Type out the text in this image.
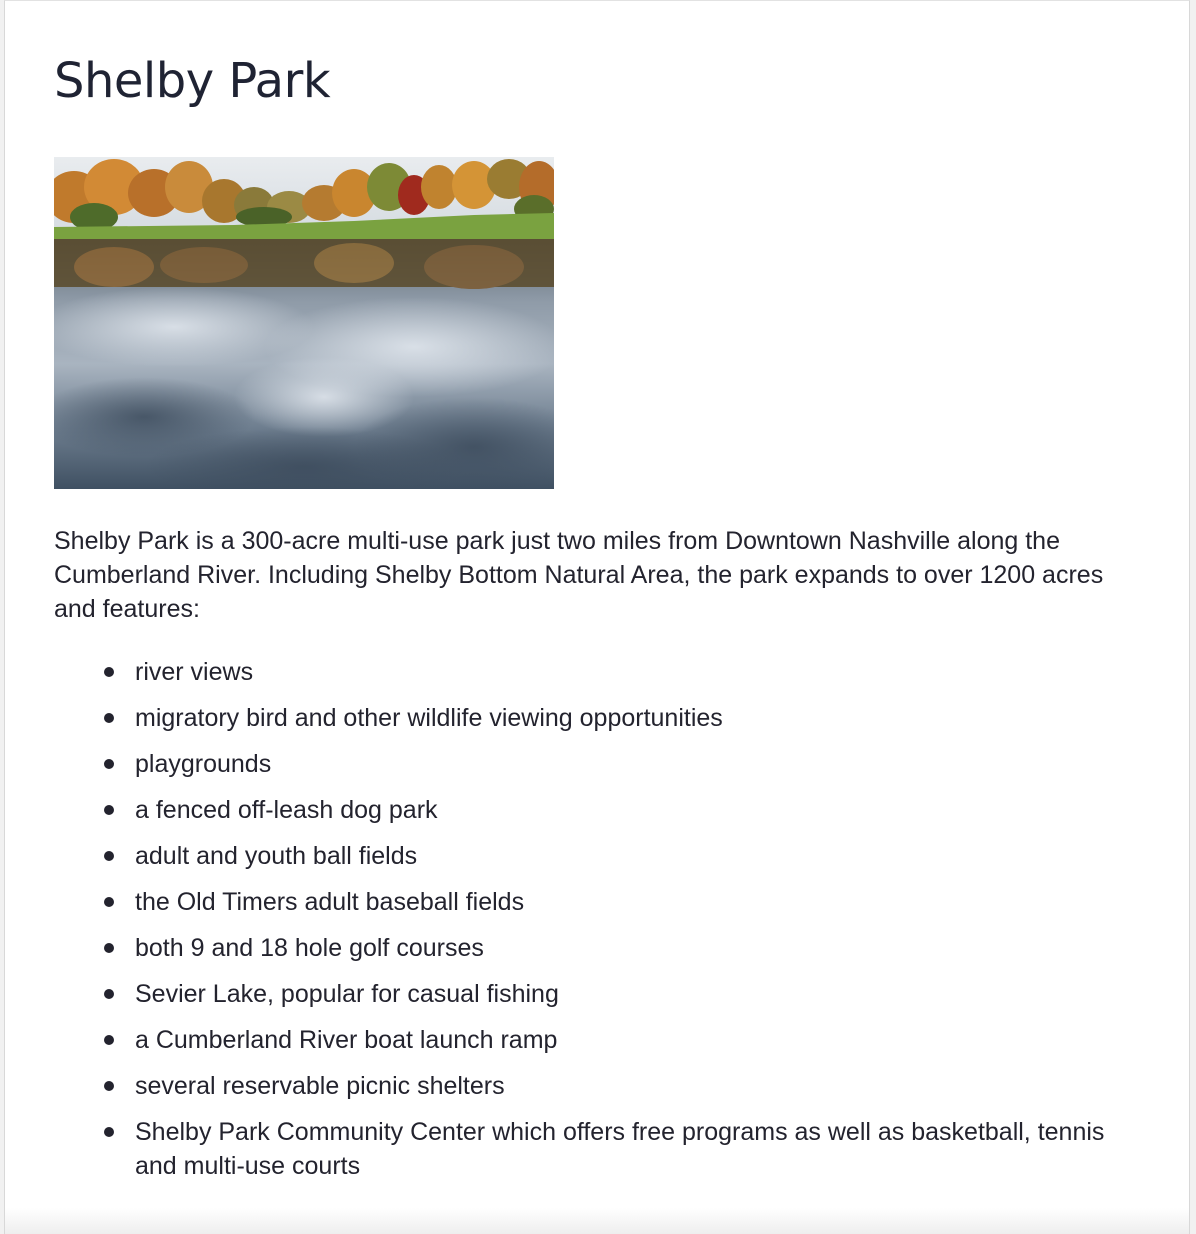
Shelby Park

Shelby Park is a 300-acre multi-use park just two miles from Downtown Nashville along the Cumberland River. Including Shelby Bottom Natural Area, the park expands to over 1200 acres and features:

river views
migratory bird and other wildlife viewing opportunities
playgrounds
a fenced off-leash dog park
adult and youth ball fields
the Old Timers adult baseball fields
both 9 and 18 hole golf courses
Sevier Lake, popular for casual fishing
a Cumberland River boat launch ramp
several reservable picnic shelters
Shelby Park Community Center which offers free programs as well as basketball, tennis and multi-use courts
